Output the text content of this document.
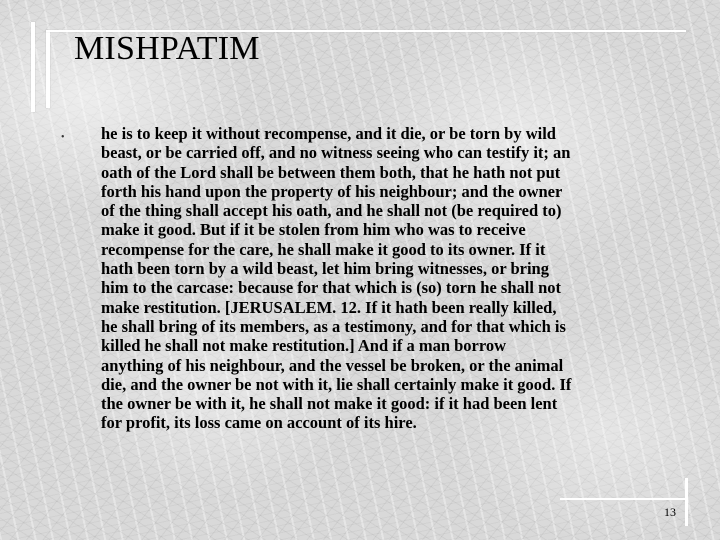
MISHPATIM
• he is to keep it without recompense, and it die, or be torn by wild
beast, or be carried off, and no witness seeing who can testify it; an
oath of the Lord shall be between them both, that he hath not put
forth his hand upon the property of his neighbour; and the owner
of the thing shall accept his oath, and he shall not (be required to)
make it good. But if it be stolen from him who was to receive
recompense for the care, he shall make it good to its owner. If it
hath been torn by a wild beast, let him bring witnesses, or bring
him to the carcase: because for that which is (so) torn he shall not
make restitution. [JERUSALEM. 12. If it hath been really killed,
he shall bring of its members, as a testimony, and for that which is
killed he shall not make restitution.] And if a man borrow
anything of his neighbour, and the vessel be broken, or the animal
die, and the owner be not with it, lie shall certainly make it good. If
the owner be with it, he shall not make it good: if it had been lent
for profit, its loss came on account of its hire.
13
